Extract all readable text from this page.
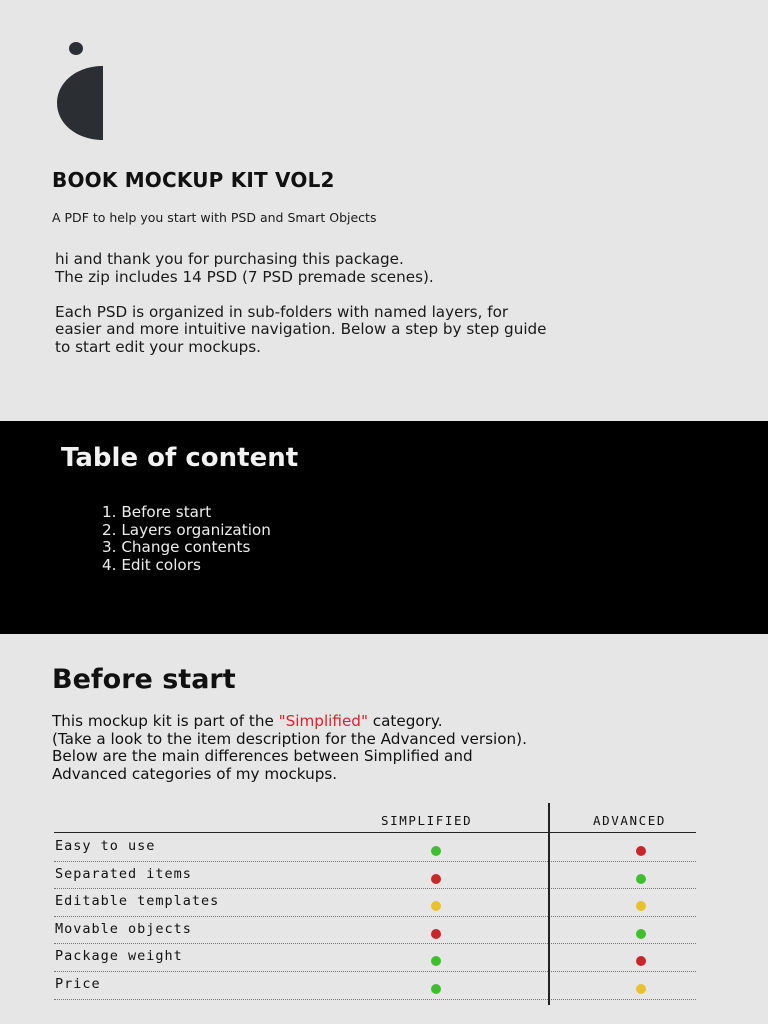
BOOK MOCKUP KIT VOL2
A PDF to help you start with PSD and Smart Objects

hi and thank you for purchasing this package.

The zip includes 14 PSD (7 PSD premade scenes).

Each PSD is organized in sub-folders with named layers, for

easier and more intuitive navigation. Below a step by step guide

to start edit your mockups.

Table of content
1. Before start
2. Layers organization
3. Change contents
4. Edit colors
Before start

This mockup kit is part of the "Simplified" category.

(Take a look to the item description for the Advanced version).

Below are the main differences between Simplified and

Advanced categories of my mockups.

SIMPLIFIED	ADVANCED
Easy to use
Separated items
Editable templates
Movable objects
Package weight
Price
